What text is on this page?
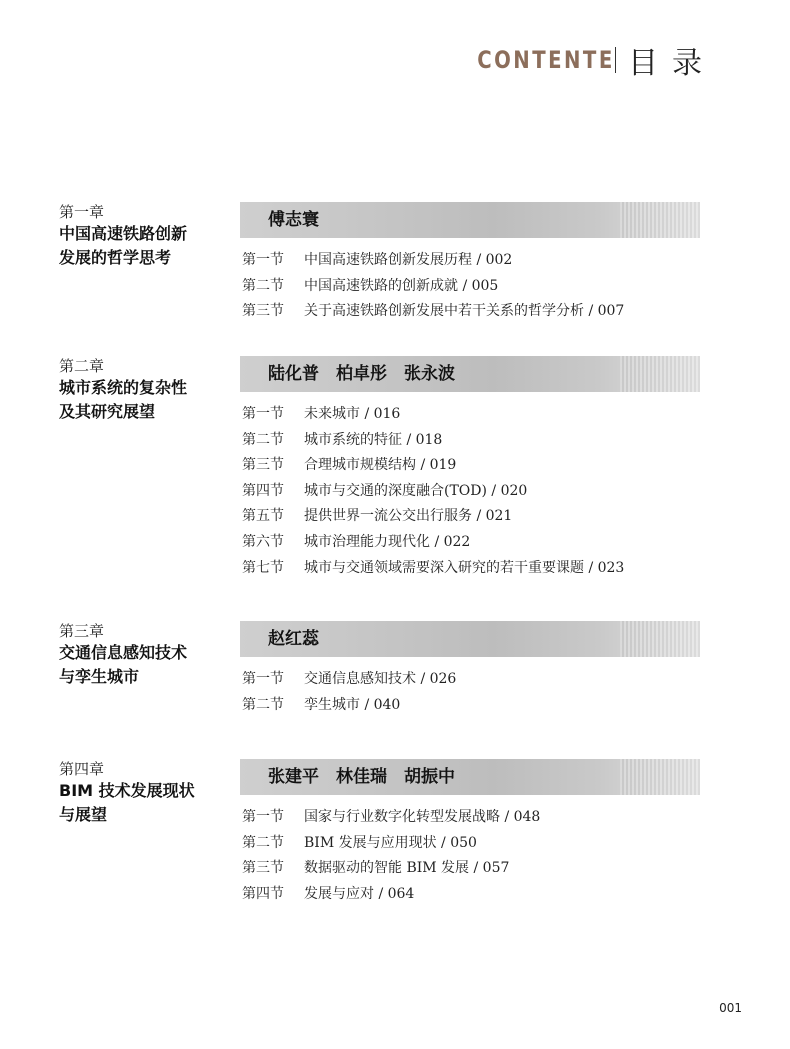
CONTENTE 目录
第一章
中国高速铁路创新
发展的哲学思考
傅志寰
第一节 中国高速铁路创新发展历程 / 002
第二节 中国高速铁路的创新成就 / 005
第三节 关于高速铁路创新发展中若干关系的哲学分析 / 007
第二章
城市系统的复杂性
及其研究展望
陆化普　柏卓彤　张永波
第一节 未来城市 / 016
第二节 城市系统的特征 / 018
第三节 合理城市规模结构 / 019
第四节 城市与交通的深度融合(TOD) / 020
第五节 提供世界一流公交出行服务 / 021
第六节 城市治理能力现代化 / 022
第七节 城市与交通领域需要深入研究的若干重要课题 / 023
第三章
交通信息感知技术
与孪生城市
赵红蕊
第一节 交通信息感知技术 / 026
第二节 孪生城市 / 040
第四章
BIM 技术发展现状
与展望
张建平　林佳瑞　胡振中
第一节 国家与行业数字化转型发展战略 / 048
第二节 BIM 发展与应用现状 / 050
第三节 数据驱动的智能 BIM 发展 / 057
第四节 发展与应对 / 064
001
